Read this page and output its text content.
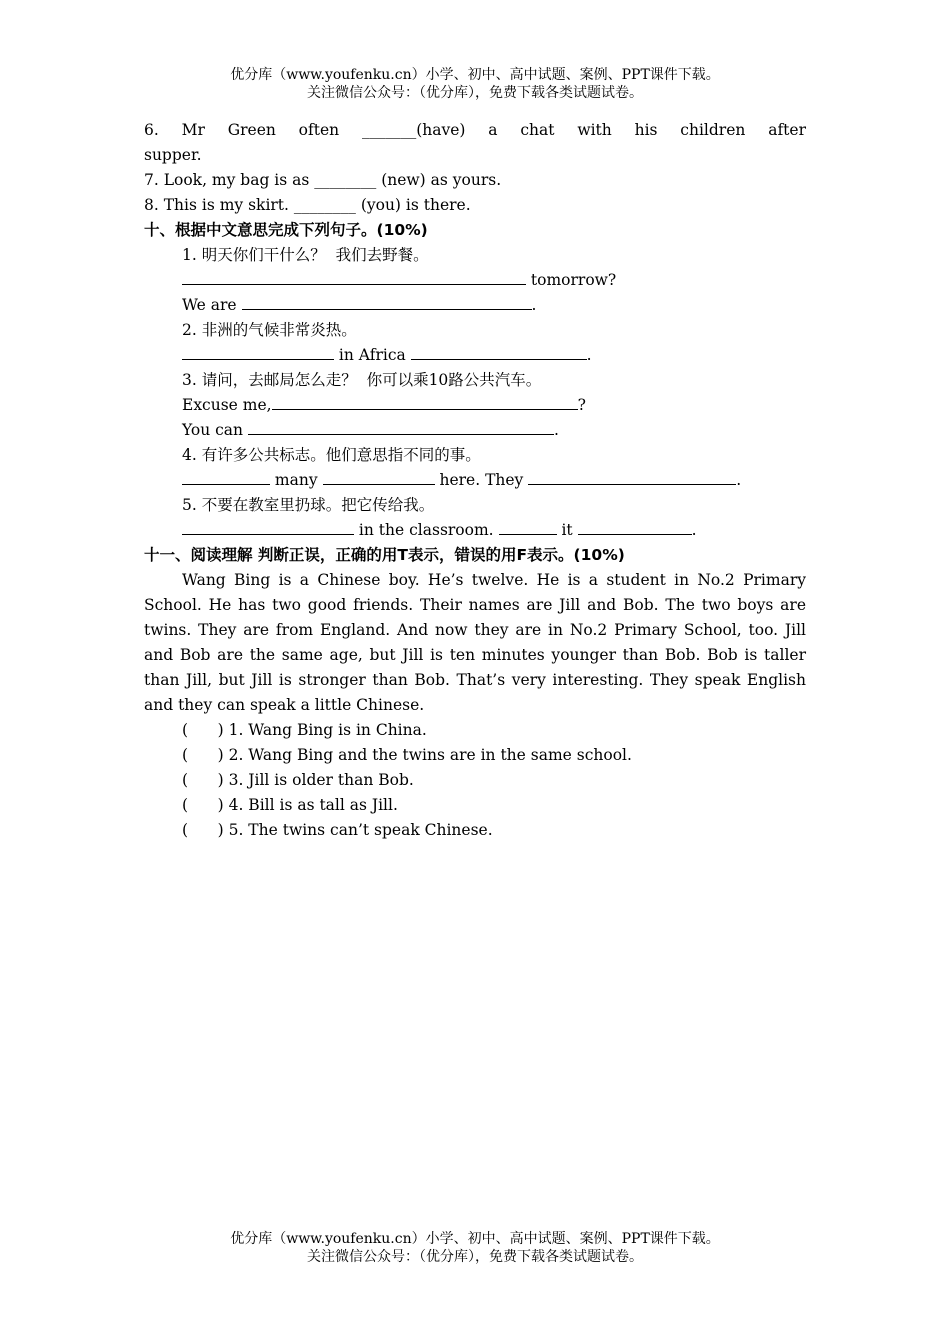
优分库（www.youfenku.cn）小学、初中、高中试题、案例、PPT课件下载。
关注微信公众号：（优分库），免费下载各类试题试卷。
6.  Mr  Green  often  _______(have)  a  chat  with  his  children  after
supper.
7. Look, my bag is as ________ (new) as yours.
8. This is my skirt. ________ (you) is there.
十、根据中文意思完成下列句子。(10%)
1. 明天你们干什么？  我们去野餐。
tomorrow?
We are	.
2. 非洲的气候非常炎热。
in Africa	.
3. 请问，去邮局怎么走？  你可以乘10路公共汽车。
Excuse me,	?
You can	.
4. 有许多公共标志。他们意思指不同的事。
many	here. They	.
5. 不要在教室里扔球。把它传给我。
in the classroom.	it	.
十一、阅读理解 判断正误，正确的用T表示，错误的用F表示。(10%)

Wang Bing is a Chinese boy. He’s twelve. He is a student in No.2 Primary School. He has two good friends. Their names are Jill and Bob. The two boys are twins. They are from England. And now they are in No.2 Primary School, too. Jill and Bob are the same age, but Jill is ten minutes younger than Bob. Bob is taller than Jill, but Jill is stronger than Bob. That’s very interesting. They speak English and they can speak a little Chinese.

(      ) 1. Wang Bing is in China.
(      ) 2. Wang Bing and the twins are in the same school.
(      ) 3. Jill is older than Bob.
(      ) 4. Bill is as tall as Jill.
(      ) 5. The twins can’t speak Chinese.
优分库（www.youfenku.cn）小学、初中、高中试题、案例、PPT课件下载。
关注微信公众号：（优分库），免费下载各类试题试卷。
